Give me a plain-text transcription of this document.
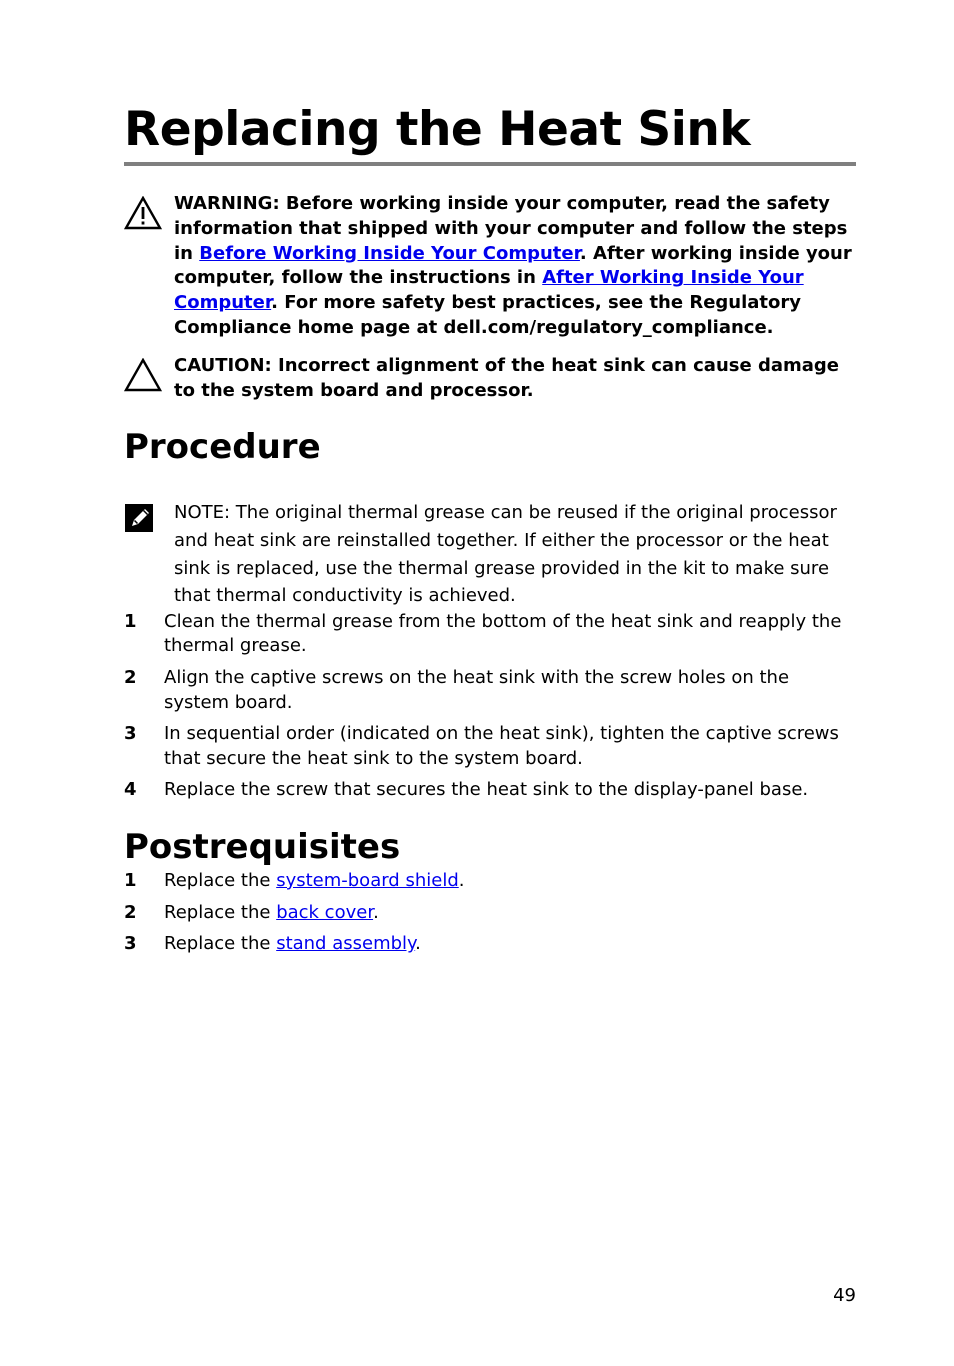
Replacing the Heat Sink
WARNING: Before working inside your computer, read the safety information that shipped with your computer and follow the steps in Before Working Inside Your Computer. After working inside your computer, follow the instructions in After Working Inside Your Computer. For more safety best practices, see the Regulatory Compliance home page at dell.com/regulatory_compliance.
CAUTION: Incorrect alignment of the heat sink can cause damage to the system board and processor.
Procedure
NOTE: The original thermal grease can be reused if the original processor and heat sink are reinstalled together. If either the processor or the heat sink is replaced, use the thermal grease provided in the kit to make sure that thermal conductivity is achieved.
1	Clean the thermal grease from the bottom of the heat sink and reapply the thermal grease.
2	Align the captive screws on the heat sink with the screw holes on the system board.
3	In sequential order (indicated on the heat sink), tighten the captive screws that secure the heat sink to the system board.
4	Replace the screw that secures the heat sink to the display-panel base.
Postrequisites
1	Replace the system-board shield.
2	Replace the back cover.
3	Replace the stand assembly.
49
